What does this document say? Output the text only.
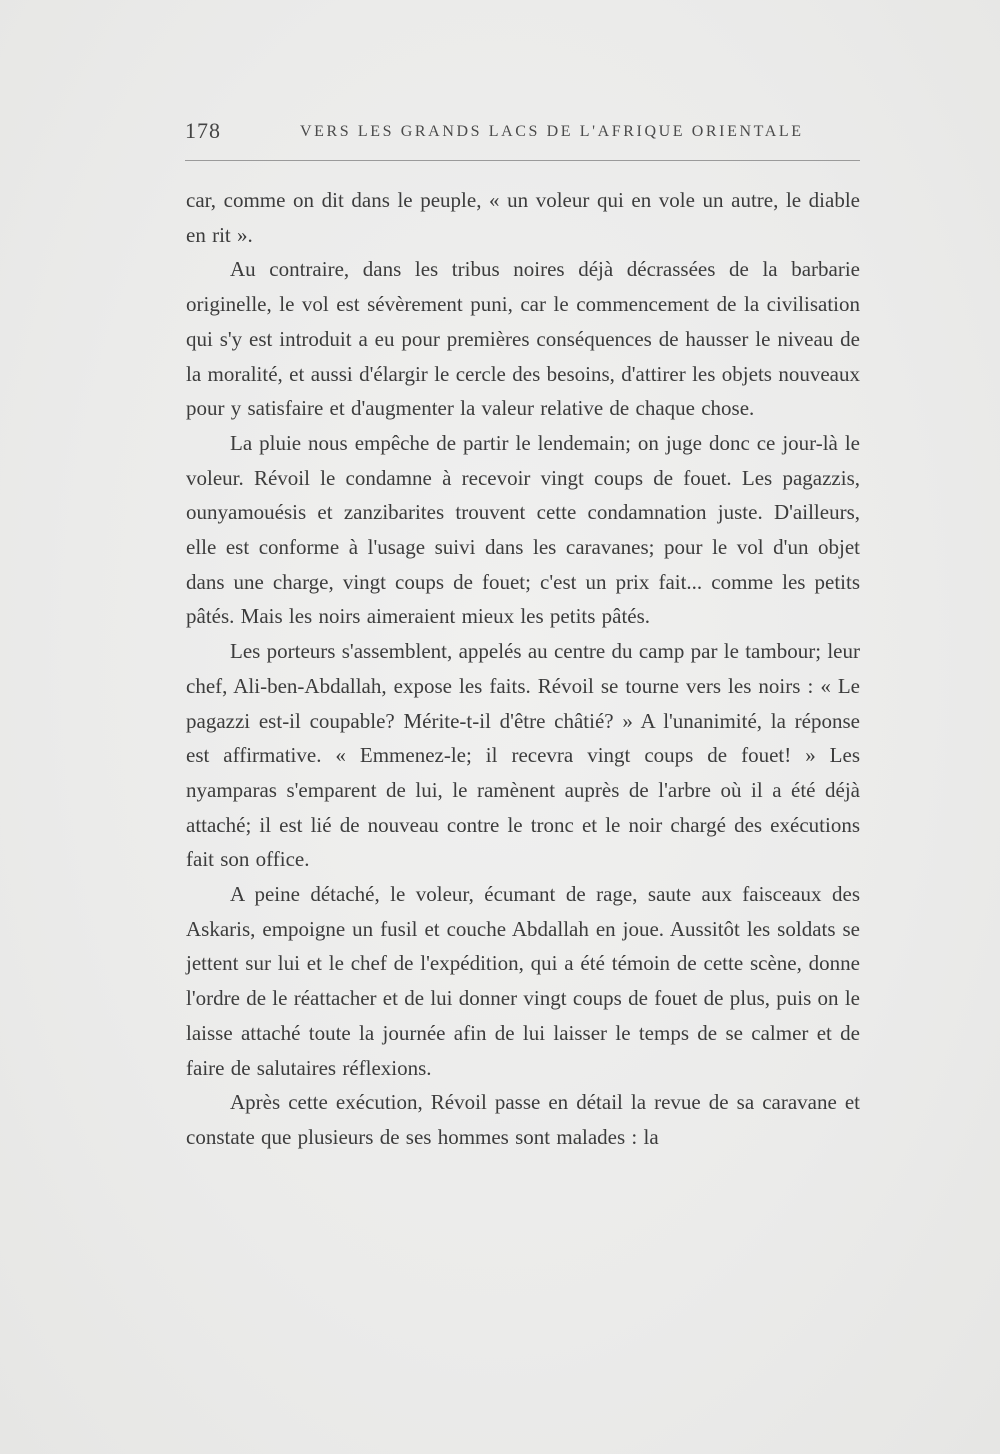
178	VERS LES GRANDS LACS DE L'AFRIQUE ORIENTALE

car, comme on dit dans le peuple, « un voleur qui en vole un autre, le diable en rit ».

Au contraire, dans les tribus noires déjà décrassées de la barbarie originelle, le vol est sévèrement puni, car le commencement de la civilisation qui s'y est introduit a eu pour premières conséquences de hausser le niveau de la moralité, et aussi d'élargir le cercle des besoins, d'attirer les objets nouveaux pour y satisfaire et d'augmenter la valeur relative de chaque chose.

La pluie nous empêche de partir le lendemain; on juge donc ce jour-là le voleur. Révoil le condamne à recevoir vingt coups de fouet. Les pagazzis, ounyamouésis et zanzibarites trouvent cette condamnation juste. D'ailleurs, elle est conforme à l'usage suivi dans les caravanes; pour le vol d'un objet dans une charge, vingt coups de fouet; c'est un prix fait... comme les petits pâtés. Mais les noirs aimeraient mieux les petits pâtés.

Les porteurs s'assemblent, appelés au centre du camp par le tambour; leur chef, Ali-ben-Abdallah, expose les faits. Révoil se tourne vers les noirs : « Le pagazzi est-il coupable? Mérite-t-il d'être châtié? » A l'unanimité, la réponse est affirmative. « Emmenez-le; il recevra vingt coups de fouet! » Les nyamparas s'emparent de lui, le ramènent auprès de l'arbre où il a été déjà attaché; il est lié de nouveau contre le tronc et le noir chargé des exécutions fait son office.

A peine détaché, le voleur, écumant de rage, saute aux faisceaux des Askaris, empoigne un fusil et couche Abdallah en joue. Aussitôt les soldats se jettent sur lui et le chef de l'expédition, qui a été témoin de cette scène, donne l'ordre de le réattacher et de lui donner vingt coups de fouet de plus, puis on le laisse attaché toute la journée afin de lui laisser le temps de se calmer et de faire de salutaires réflexions.

Après cette exécution, Révoil passe en détail la revue de sa caravane et constate que plusieurs de ses hommes sont malades : la
